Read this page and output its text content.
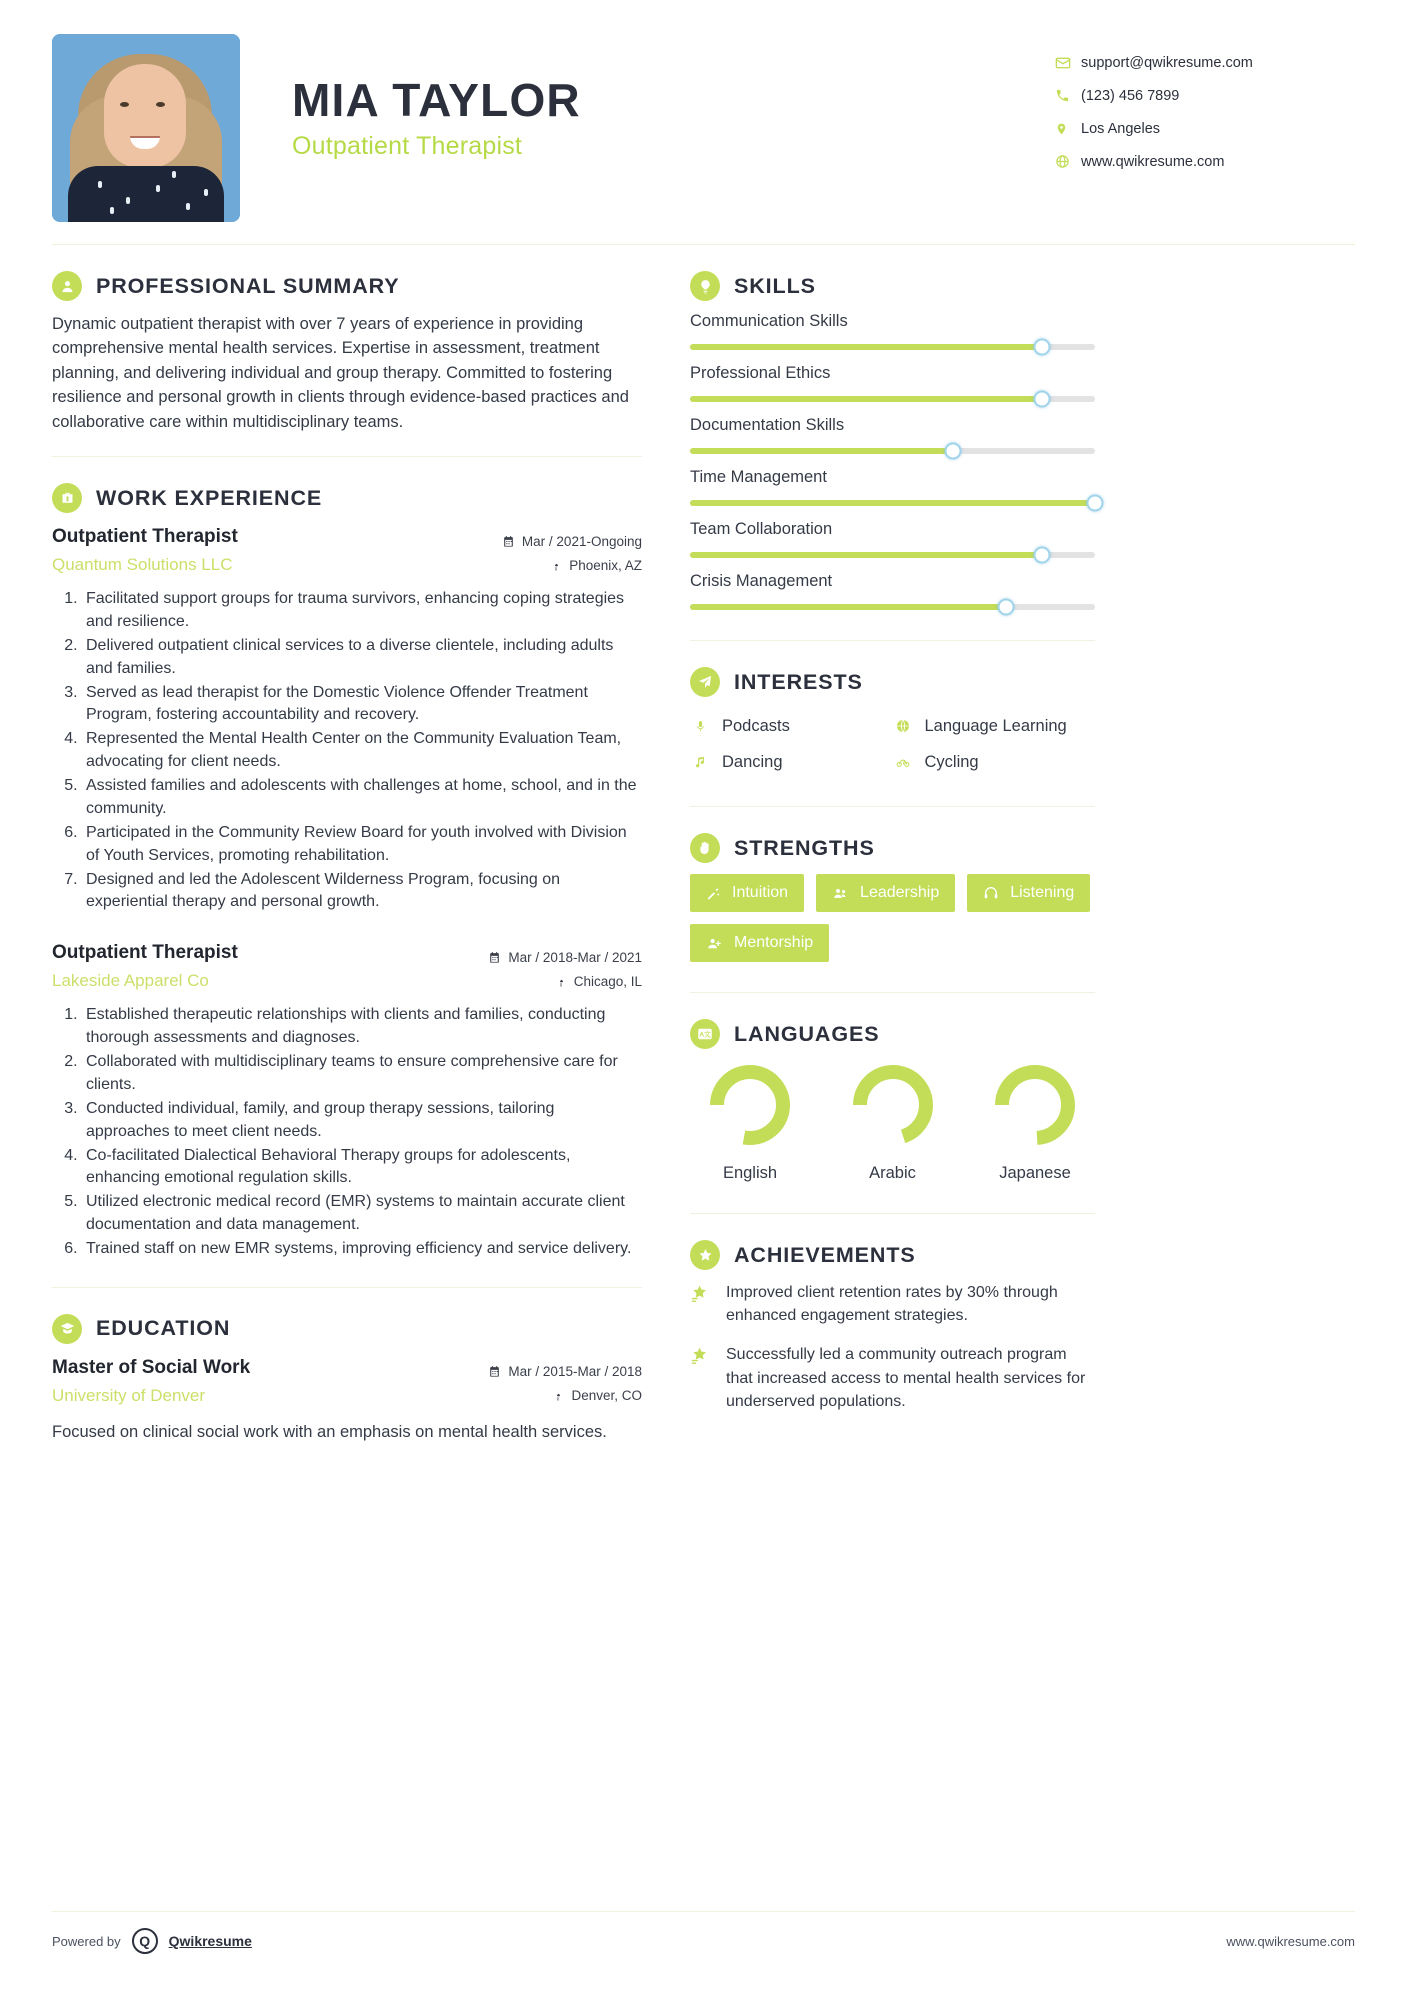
MIA TAYLOR
Outpatient Therapist
support@qwikresume.com
(123) 456 7899
Los Angeles
www.qwikresume.com
PROFESSIONAL SUMMARY
Dynamic outpatient therapist with over 7 years of experience in providing comprehensive mental health services. Expertise in assessment, treatment planning, and delivering individual and group therapy. Committed to fostering resilience and personal growth in clients through evidence-based practices and collaborative care within multidisciplinary teams.
WORK EXPERIENCE
Outpatient Therapist
Quantum Solutions LLC
Mar / 2021-Ongoing
Phoenix, AZ
1. Facilitated support groups for trauma survivors, enhancing coping strategies and resilience.
2. Delivered outpatient clinical services to a diverse clientele, including adults and families.
3. Served as lead therapist for the Domestic Violence Offender Treatment Program, fostering accountability and recovery.
4. Represented the Mental Health Center on the Community Evaluation Team, advocating for client needs.
5. Assisted families and adolescents with challenges at home, school, and in the community.
6. Participated in the Community Review Board for youth involved with Division of Youth Services, promoting rehabilitation.
7. Designed and led the Adolescent Wilderness Program, focusing on experiential therapy and personal growth.
Outpatient Therapist
Lakeside Apparel Co
Mar / 2018-Mar / 2021
Chicago, IL
1. Established therapeutic relationships with clients and families, conducting thorough assessments and diagnoses.
2. Collaborated with multidisciplinary teams to ensure comprehensive care for clients.
3. Conducted individual, family, and group therapy sessions, tailoring approaches to meet client needs.
4. Co-facilitated Dialectical Behavioral Therapy groups for adolescents, enhancing emotional regulation skills.
5. Utilized electronic medical record (EMR) systems to maintain accurate client documentation and data management.
6. Trained staff on new EMR systems, improving efficiency and service delivery.
EDUCATION
Master of Social Work
University of Denver
Mar / 2015-Mar / 2018
Denver, CO
Focused on clinical social work with an emphasis on mental health services.
SKILLS
Communication Skills
Professional Ethics
Documentation Skills
Time Management
Team Collaboration
Crisis Management
INTERESTS
Podcasts	Language Learning
Dancing	Cycling
STRENGTHS
Intuition	Leadership	Listening
Mentorship
A文 LANGUAGES
English	Arabic	Japanese
ACHIEVEMENTS
Improved client retention rates by 30% through enhanced engagement strategies.
Successfully led a community outreach program that increased access to mental health services for underserved populations.
Powered by Q Qwikresume	www.qwikresume.com
